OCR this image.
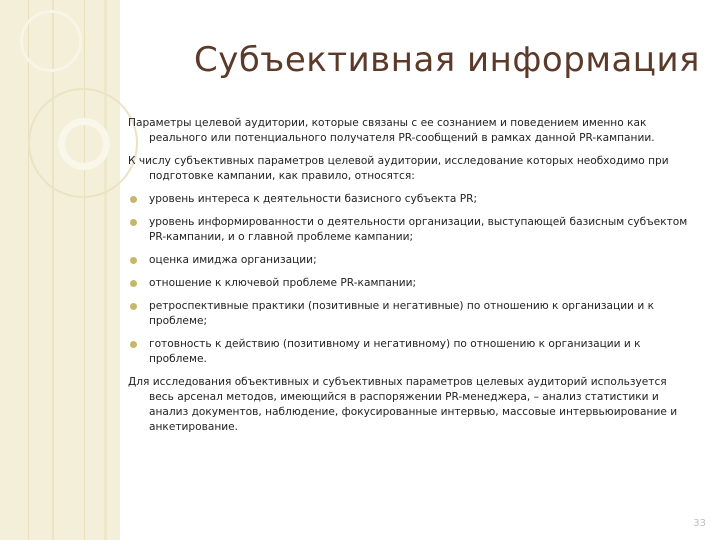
Субъективная информация

Параметры целевой аудитории, которые связаны с ее сознанием и поведением именно как реального или потенциального получателя PR-сообщений в рамках данной PR-кампании.

К числу субъективных параметров целевой аудитории, исследование которых необходимо при подготовке кампании, как правило, относятся:

уровень интереса к деятельности базисного субъекта PR;
уровень информированности о деятельности организации, выступающей базисным субъектом PR-кампании, и о главной проблеме кампании;
оценка имиджа организации;
отношение к ключевой проблеме PR-кампании;
ретроспективные практики (позитивные и негативные) по отношению к организации и к проблеме;
готовность к действию (позитивному и негативному) по отношению к организации и к проблеме.

Для исследования объективных и субъективных параметров целевых аудиторий используется весь арсенал методов, имеющийся в распоряжении PR-менеджера, – анализ статистики и анализ документов, наблюдение, фокусированные интервью, массовые интервьюирование и анкетирование.

33
